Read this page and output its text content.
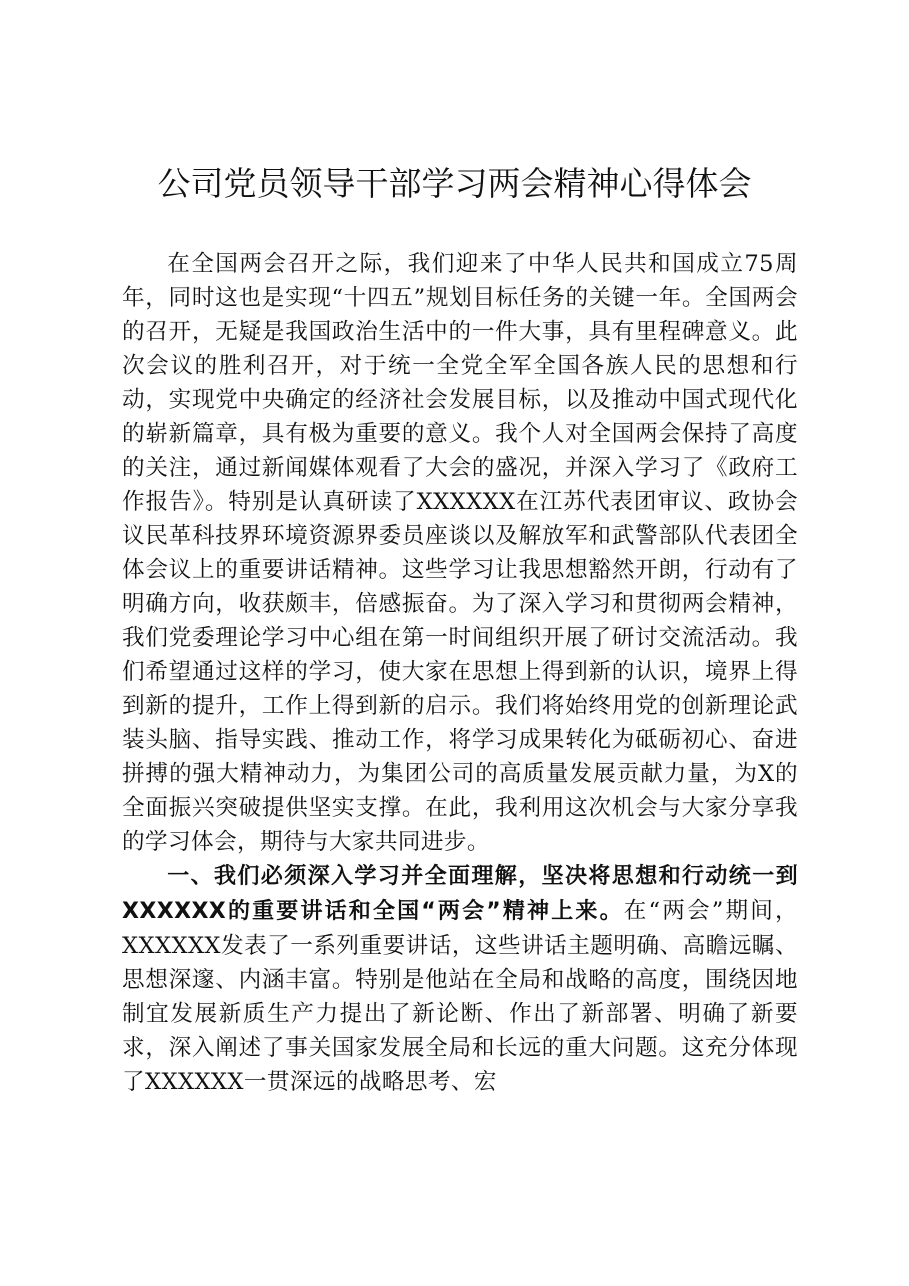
公司党员领导干部学习两会精神心得体会

在全国两会召开之际，我们迎来了中华人民共和国成立75周年，同时这也是实现“十四五”规划目标任务的关键一年。全国两会的召开，无疑是我国政治生活中的一件大事，具有里程碑意义。此次会议的胜利召开，对于统一全党全军全国各族人民的思想和行动，实现党中央确定的经济社会发展目标，以及推动中国式现代化的崭新篇章，具有极为重要的意义。我个人对全国两会保持了高度的关注，通过新闻媒体观看了大会的盛况，并深入学习了《政府工作报告》。特别是认真研读了XXXXXX在江苏代表团审议、政协会议民革科技界环境资源界委员座谈以及解放军和武警部队代表团全体会议上的重要讲话精神。这些学习让我思想豁然开朗，行动有了明确方向，收获颇丰，倍感振奋。为了深入学习和贯彻两会精神，我们党委理论学习中心组在第一时间组织开展了研讨交流活动。我们希望通过这样的学习，使大家在思想上得到新的认识，境界上得到新的提升，工作上得到新的启示。我们将始终用党的创新理论武装头脑、指导实践、推动工作，将学习成果转化为砥砺初心、奋进拼搏的强大精神动力，为集团公司的高质量发展贡献力量，为X的全面振兴突破提供坚实支撑。在此，我利用这次机会与大家分享我的学习体会，期待与大家共同进步。

一、我们必须深入学习并全面理解，坚决将思想和行动统一到XXXXXX的重要讲话和全国“两会”精神上来。在“两会”期间，XXXXXX发表了一系列重要讲话，这些讲话主题明确、高瞻远瞩、思想深邃、内涵丰富。特别是他站在全局和战略的高度，围绕因地制宜发展新质生产力提出了新论断、作出了新部署、明确了新要求，深入阐述了事关国家发展全局和长远的重大问题。这充分体现了XXXXXX一贯深远的战略思考、宏
